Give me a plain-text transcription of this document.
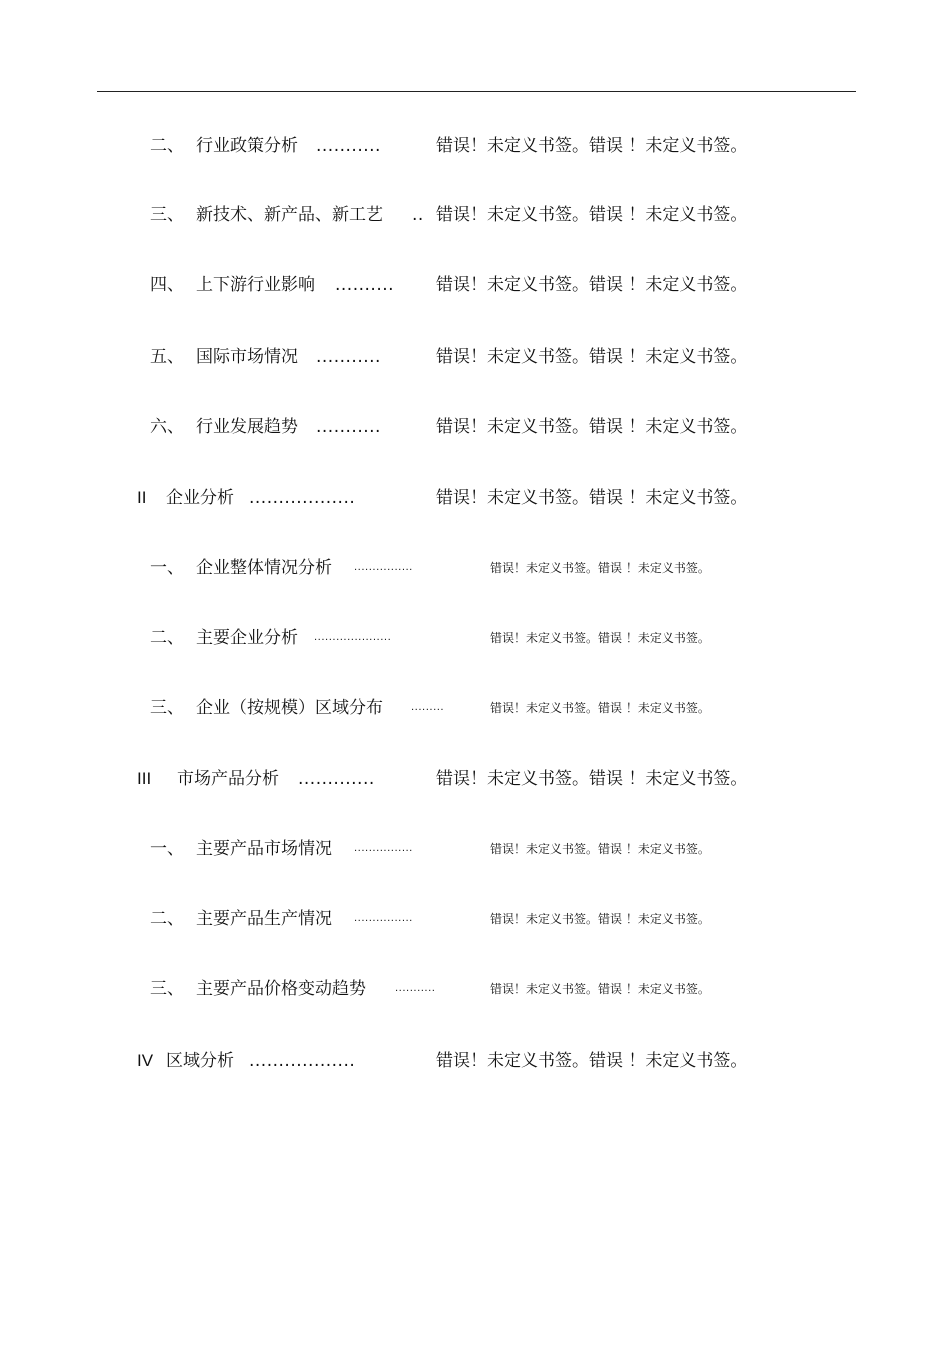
二、 行业政策分析 ...........	错误！未定义书签。错误 ！未定义书签。
三、 新技术、新产品、新工艺 .. 错误！未定义书签。错误 ！未定义书签。
四、 上下游行业影响 .......... 错误！未定义书签。错误 ！未定义书签。
五、 国际市场情况 ...........	错误！未定义书签。错误 ！未定义书签。
六、 行业发展趋势 ...........	错误！未定义书签。错误 ！未定义书签。
II 企业分析 ..................	错误！未定义书签。错误 ！未定义书签。
一、 企业整体情况分析 ................	错误！未定义书签。错误 ！未定义书签。
二、 主要企业分析 .....................	错误！未定义书签。错误 ！未定义书签。
三、 企业（按规模）区域分布	.........	错误！未定义书签。错误 ！未定义书签。
III 市场产品分析 .............	错误！未定义书签。错误 ！未定义书签。
一、 主要产品市场情况 ................	错误！未定义书签。错误 ！未定义书签。
二、 主要产品生产情况 ................	错误！未定义书签。错误 ！未定义书签。
三、 主要产品价格变动趋势	...........	错误！未定义书签。错误 ！未定义书签。
IV 区域分析 ..................	错误！未定义书签。错误 ！未定义书签。
